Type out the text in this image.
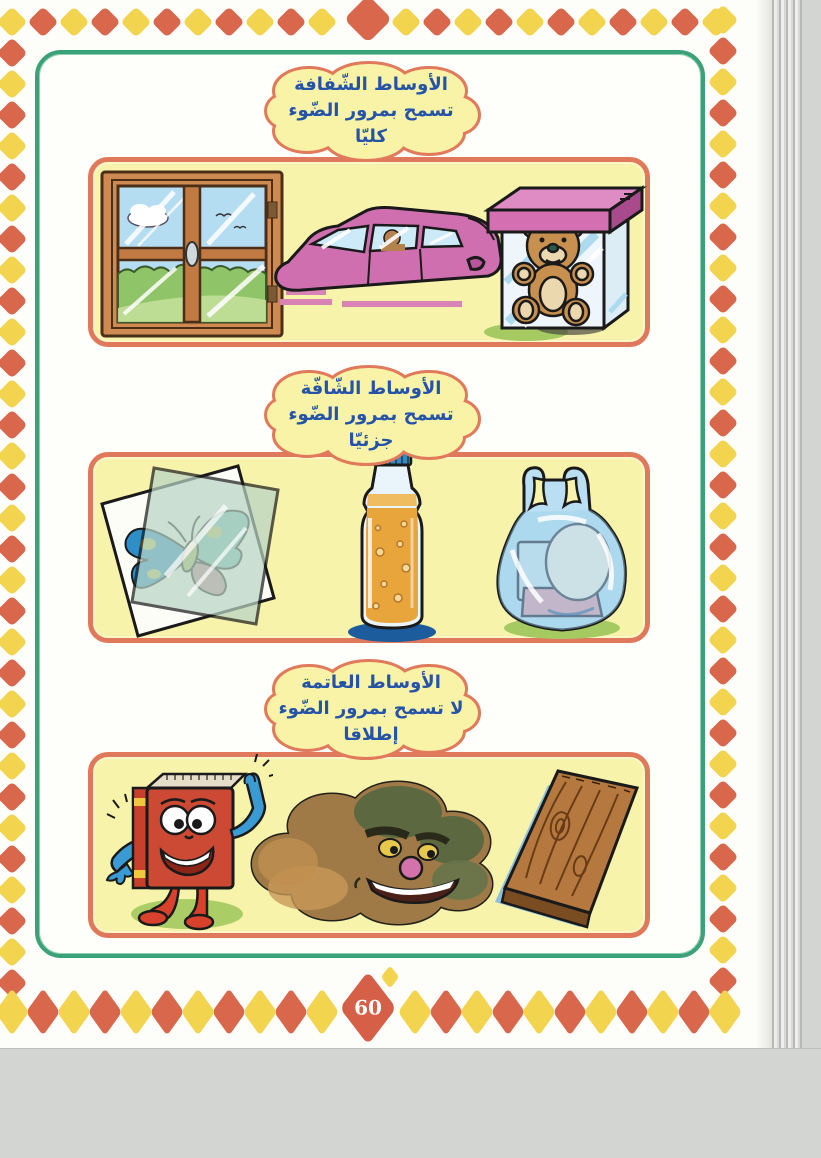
الأوساط الشّفافة
تسمح بمرور الضّوء
كليّا
الأوساط الشّافّة
تسمح بمرور الضّوء
جزئيّا
الأوساط العاتمة
لا تسمح بمرور الضّوء
إطلاقا
60
